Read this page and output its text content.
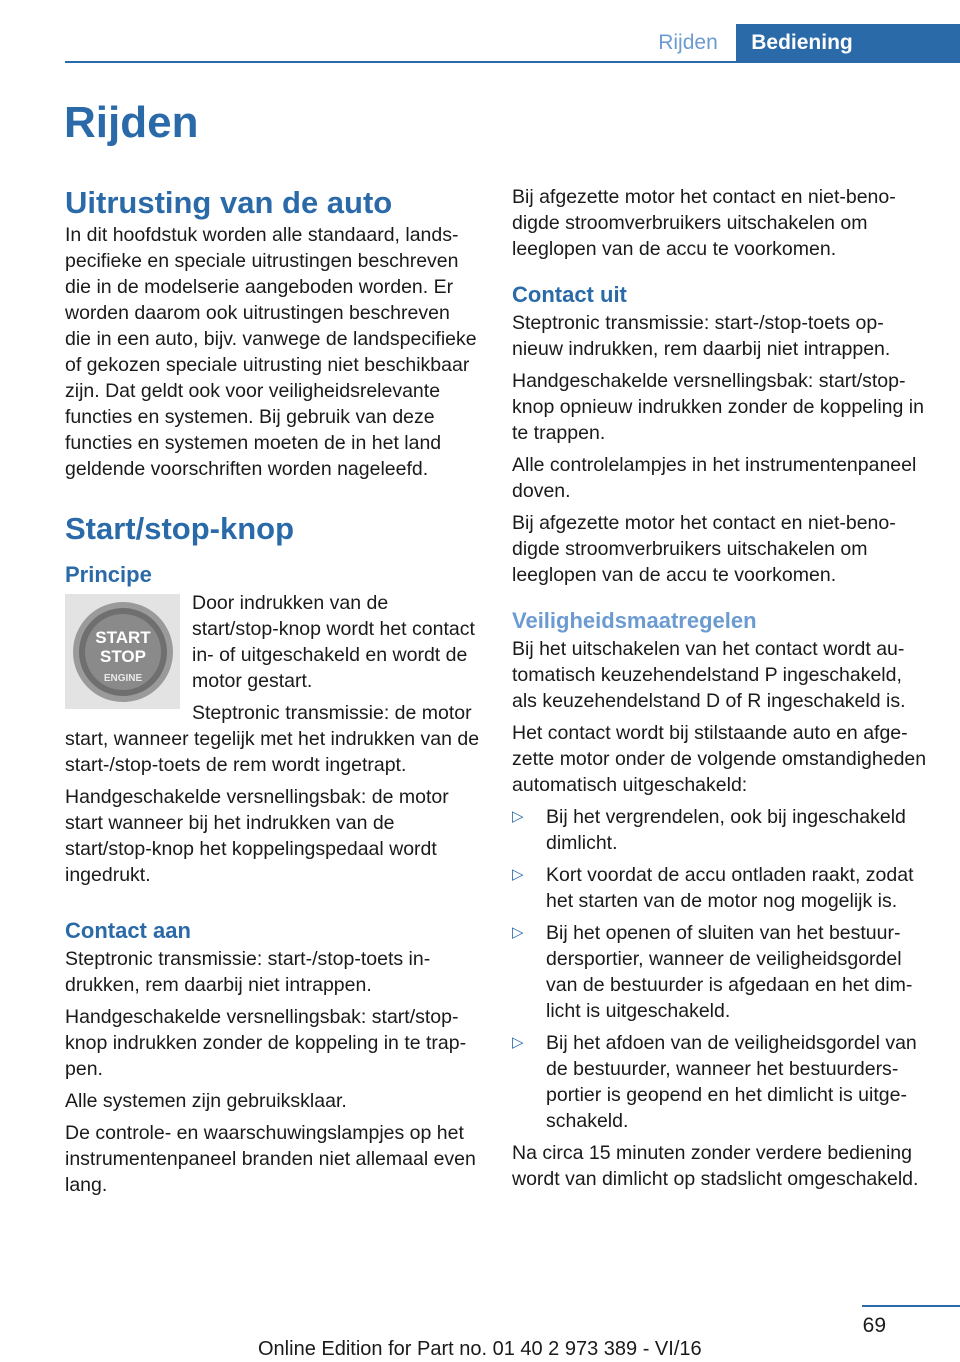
Rijden	Bediening
Rijden
Uitrusting van de auto

In dit hoofdstuk worden alle standaard, landspecifieke en speciale uitrustingen beschreven die in de modelserie aangeboden worden. Er worden daarom ook uitrustingen beschreven die in een auto, bijv. vanwege de landspecifieke of gekozen speciale uitrusting niet beschikbaar zijn. Dat geldt ook voor veiligheidsrelevante functies en systemen. Bij gebruik van deze functies en systemen moeten de in het land geldende voorschriften worden nageleefd.

Start/stop-knop
Principe
START
STOP
ENGINE

Door indrukken van de start/stop-knop wordt het contact in- of uitgeschakeld en wordt de motor gestart.

Steptronic transmissie: de motor start, wanneer tegelijk met het indrukken van de start-/stop-toets de rem wordt ingetrapt.

Handgeschakelde versnellingsbak: de motor start wanneer bij het indrukken van de start/stop-knop het koppelingspedaal wordt ingedrukt.

Contact aan

Steptronic transmissie: start-/stop-toets indrukken, rem daarbij niet intrappen.

Handgeschakelde versnellingsbak: start/stop-knop indrukken zonder de koppeling in te trappen.

Alle systemen zijn gebruiksklaar.

De controle- en waarschuwingslampjes op het instrumentenpaneel branden niet allemaal even lang.

Bij afgezette motor het contact en niet-benodigde stroomverbruikers uitschakelen om leeglopen van de accu te voorkomen.

Contact uit

Steptronic transmissie: start-/stop-toets opnieuw indrukken, rem daarbij niet intrappen.

Handgeschakelde versnellingsbak: start/stop-knop opnieuw indrukken zonder de koppeling in te trappen.

Alle controlelampjes in het instrumentenpaneel doven.

Bij afgezette motor het contact en niet-benodigde stroomverbruikers uitschakelen om leeglopen van de accu te voorkomen.

Veiligheidsmaatregelen

Bij het uitschakelen van het contact wordt automatisch keuzehendelstand P ingeschakeld, als keuzehendelstand D of R ingeschakeld is.

Het contact wordt bij stilstaande auto en afgezette motor onder de volgende omstandigheden automatisch uitgeschakeld:

▷ Bij het vergrendelen, ook bij ingeschakeld dimlicht.
▷ Kort voordat de accu ontladen raakt, zodat het starten van de motor nog mogelijk is.
▷ Bij het openen of sluiten van het bestuurdersportier, wanneer de veiligheidsgordel van de bestuurder is afgedaan en het dimlicht is uitgeschakeld.
▷ Bij het afdoen van de veiligheidsgordel van de bestuurder, wanneer het bestuurdersportier is geopend en het dimlicht is uitgeschakeld.

Na circa 15 minuten zonder verdere bediening wordt van dimlicht op stadslicht omgeschakeld.

69
Online Edition for Part no. 01 40 2 973 389 - VI/16
